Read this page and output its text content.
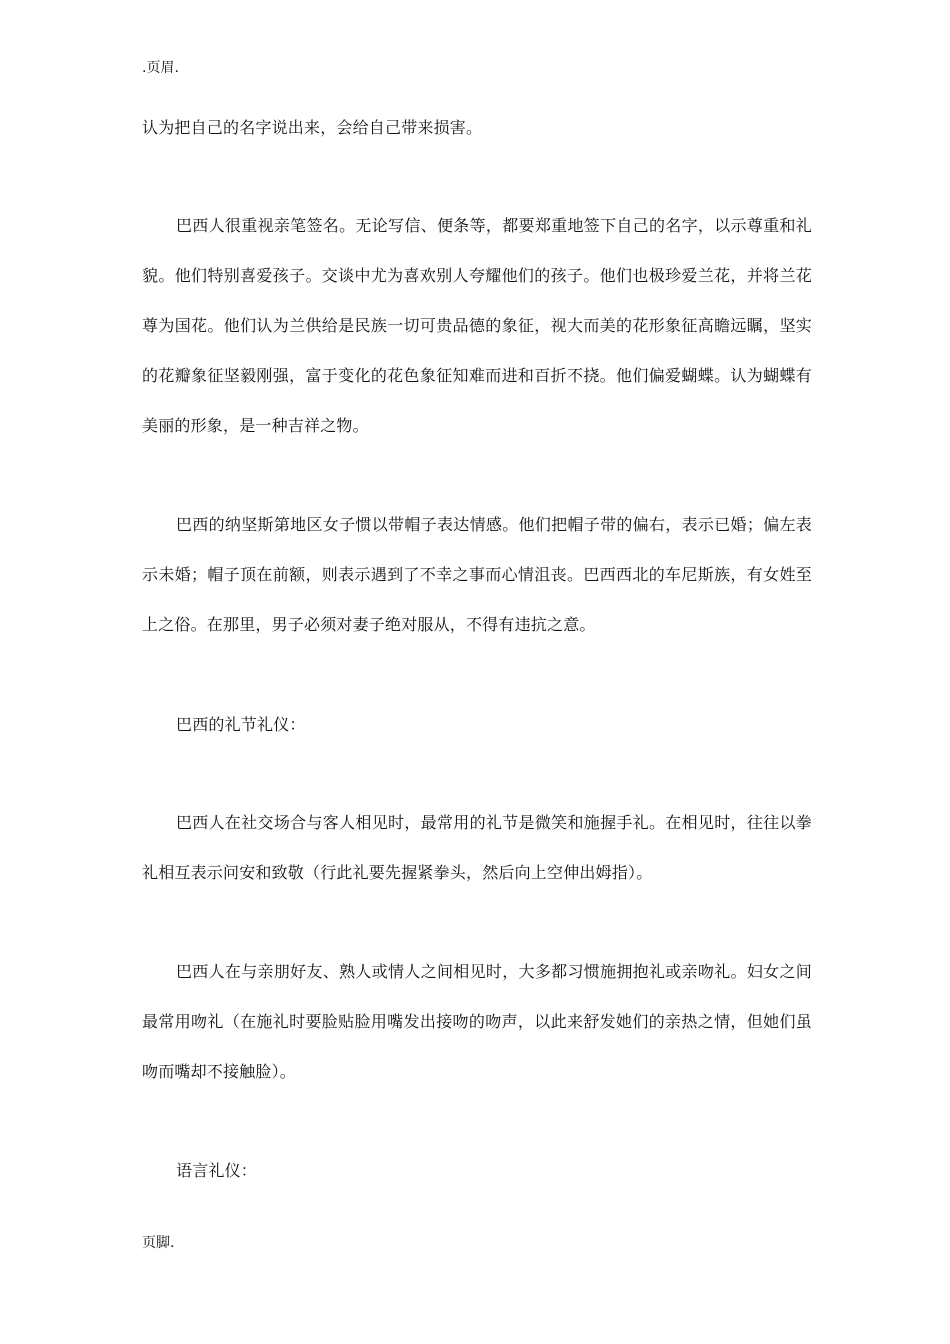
.页眉.

认为把自己的名字说出来，会给自己带来损害。

巴西人很重视亲笔签名。无论写信、便条等，都要郑重地签下自己的名字，以示尊重和礼貌。他们特别喜爱孩子。交谈中尤为喜欢别人夸耀他们的孩子。他们也极珍爱兰花，并将兰花尊为国花。他们认为兰供给是民族一切可贵品德的象征，视大而美的花形象征高瞻远瞩，坚实的花瓣象征坚毅刚强，富于变化的花色象征知难而进和百折不挠。他们偏爱蝴蝶。认为蝴蝶有美丽的形象，是一种吉祥之物。

巴西的纳坚斯第地区女子惯以带帽子表达情感。他们把帽子带的偏右，表示已婚；偏左表示未婚；帽子顶在前额，则表示遇到了不幸之事而心情沮丧。巴西西北的车尼斯族，有女姓至上之俗。在那里，男子必须对妻子绝对服从，不得有违抗之意。

巴西的礼节礼仪：

巴西人在社交场合与客人相见时，最常用的礼节是微笑和施握手礼。在相见时，往往以拳礼相互表示问安和致敬（行此礼要先握紧拳头，然后向上空伸出姆指）。

巴西人在与亲朋好友、熟人或情人之间相见时，大多都习惯施拥抱礼或亲吻礼。妇女之间最常用吻礼（在施礼时要脸贴脸用嘴发出接吻的吻声，以此来舒发她们的亲热之情，但她们虽吻而嘴却不接触脸）。

语言礼仪：

页脚.
